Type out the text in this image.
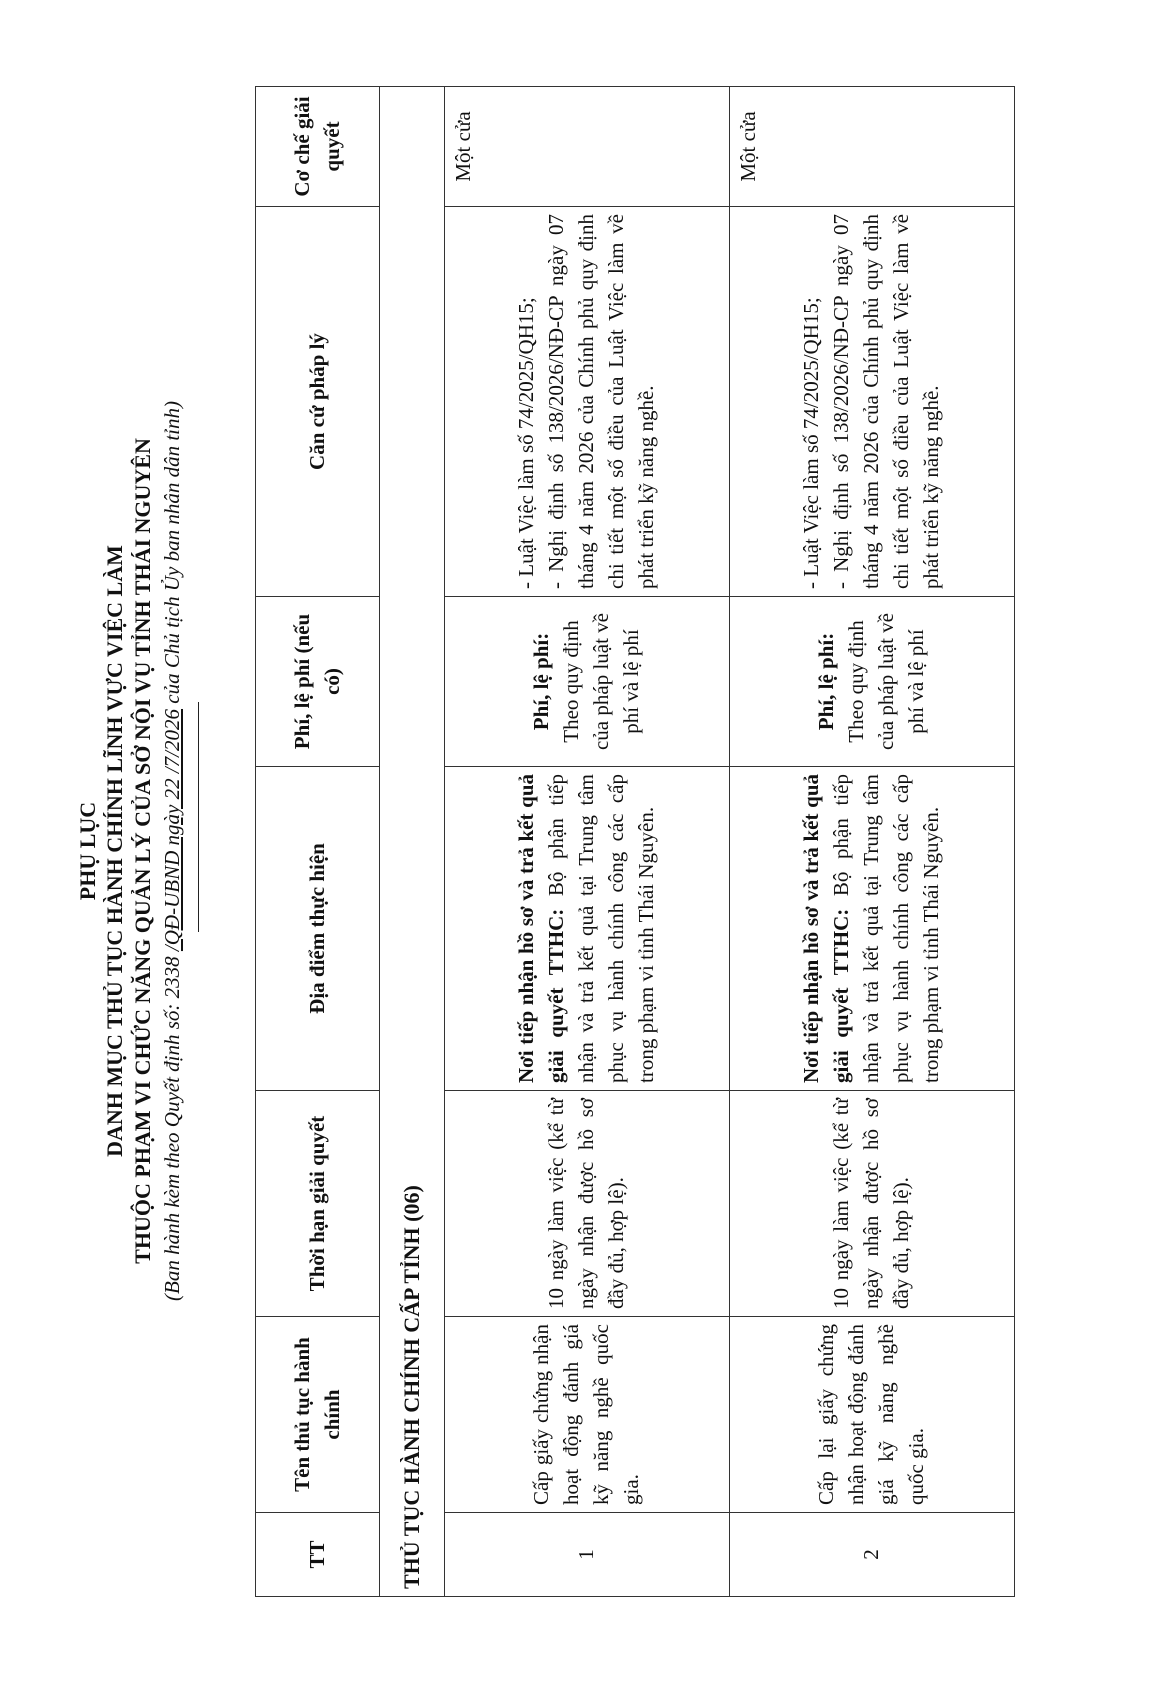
PHỤ LỤC DANH MỤC THỦ TỤC HÀNH CHÍNH LĨNH VỰC VIỆC LÀM THUỘC PHẠM VI CHỨC NĂNG QUẢN LÝ CỦA SỞ NỘI VỤ TỈNH THÁI NGUYÊN (Ban hành kèm theo Quyết định số: 2338 /QĐ-UBND ngày 22 /7/2026 của Chủ tịch Ủy ban nhân dân tỉnh)
TT	Tên thủ tục hành chính	Thời hạn giải quyết	Địa điểm thực hiện	Phí, lệ phí (nếu có)	Căn cứ pháp lý	Cơ chế giải quyết
THỦ TỤC HÀNH CHÍNH CẤP TỈNH (06)						
1	Cấp giấy chứng nhận hoạt động đánh giá kỹ năng nghề quốc gia.	10 ngày làm việc (kể từ ngày nhận được hồ sơ đầy đủ, hợp lệ).	Nơi tiếp nhận hồ sơ và trả kết quả giải quyết TTHC: Bộ phận tiếp nhận và trả kết quả tại Trung tâm phục vụ hành chính công các cấp trong phạm vi tỉnh Thái Nguyên.	Phí, lệ phí: Theo quy định của pháp luật về phí và lệ phí	- Luật Việc làm số 74/2025/QH15; - Nghị định số 138/2026/NĐ-CP ngày 07 tháng 4 năm 2026 của Chính phủ quy định chi tiết một số điều của Luật Việc làm về phát triển kỹ năng nghề.	Một cửa
2	Cấp lại giấy chứng nhận hoạt động đánh giá kỹ năng nghề quốc gia.	10 ngày làm việc (kể từ ngày nhận được hồ sơ đầy đủ, hợp lệ).	Nơi tiếp nhận hồ sơ và trả kết quả giải quyết TTHC: Bộ phận tiếp nhận và trả kết quả tại Trung tâm phục vụ hành chính công các cấp trong phạm vi tỉnh Thái Nguyên.	Phí, lệ phí: Theo quy định của pháp luật về phí và lệ phí	- Luật Việc làm số 74/2025/QH15; - Nghị định số 138/2026/NĐ-CP ngày 07 tháng 4 năm 2026 của Chính phủ quy định chi tiết một số điều của Luật Việc làm về phát triển kỹ năng nghề.	Một cửa
